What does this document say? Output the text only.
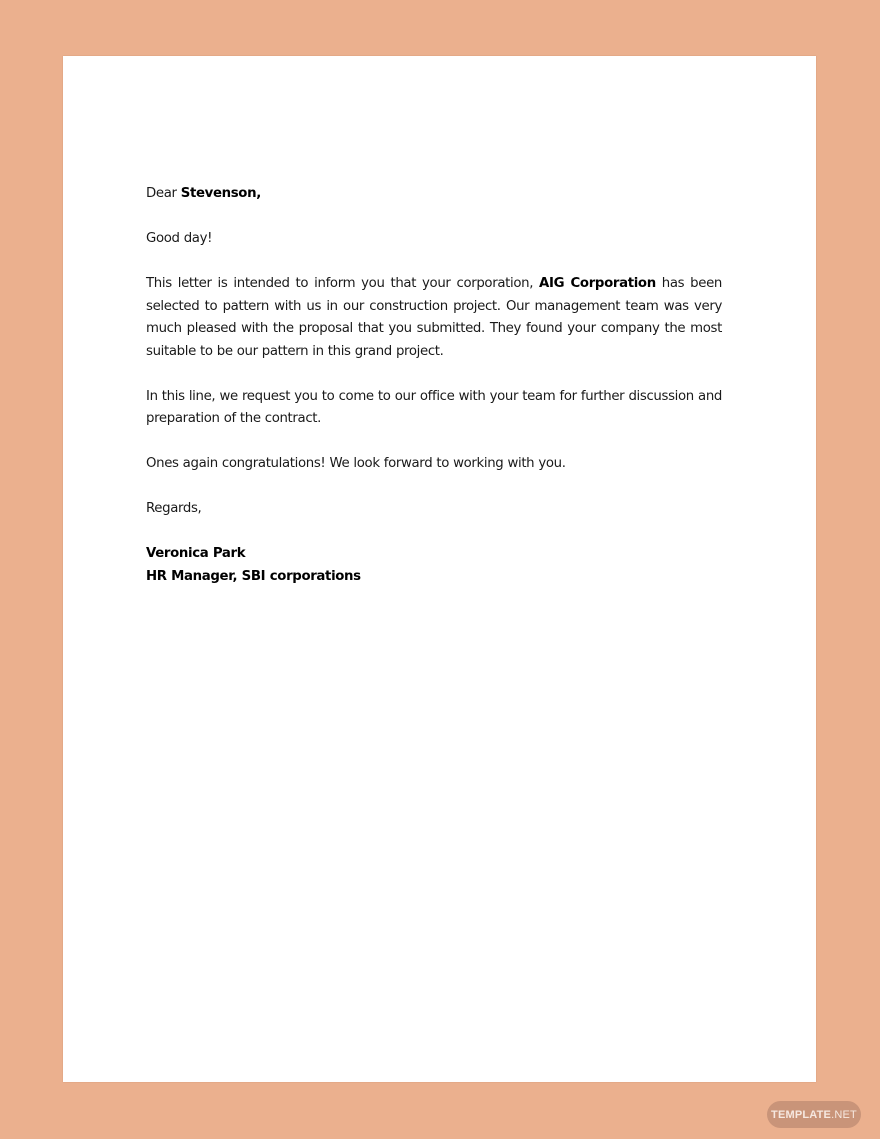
Dear Stevenson,

Good day!

This letter is intended to inform you that your corporation, AIG Corporation has been selected to pattern with us in our construction project. Our management team was very much pleased with the proposal that you submitted. They found your company the most suitable to be our pattern in this grand project.

In this line, we request you to come to our office with your team for further discussion and preparation of the contract.

Ones again congratulations! We look forward to working with you.

Regards,

Veronica Park
HR Manager, SBI corporations
TEMPLATE .NET
